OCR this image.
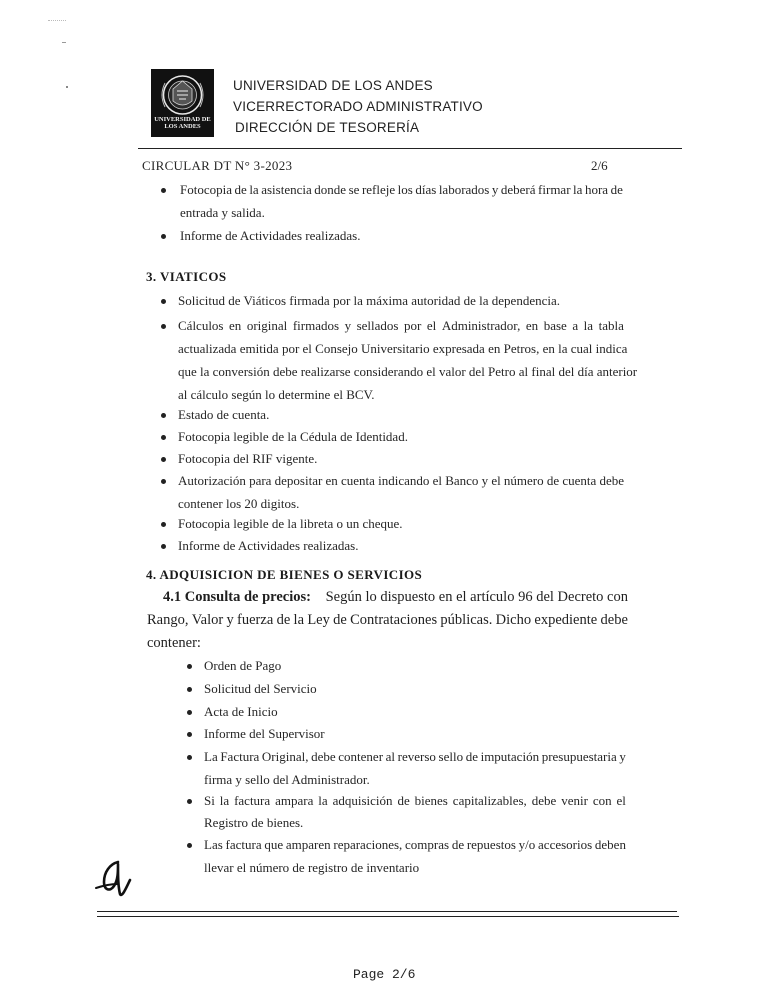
UNIVERSIDAD DE LOS ANDES
UNIVERSIDAD DE LOS ANDES
VICERRECTORADO ADMINISTRATIVO
DIRECCIÓN DE TESORERÍA
CIRCULAR DT N° 3-2023	2/6
Fotocopia de la asistencia donde se refleje los días laborados y deberá firmar la hora de
entrada y salida.
Informe de Actividades realizadas.
3. VIATICOS
Solicitud de Viáticos firmada por la máxima autoridad de la dependencia.
Cálculos en original firmados y sellados por el Administrador, en base a la tabla
actualizada emitida por el Consejo Universitario expresada en Petros, en la cual indica
que la conversión debe realizarse considerando el valor del Petro al final del día anterior
al cálculo según lo determine el BCV.
Estado de cuenta.
Fotocopia legible de la Cédula de Identidad.
Fotocopia del RIF vigente.
Autorización para depositar en cuenta indicando el Banco y el número de cuenta debe
contener los 20 digitos.
Fotocopia legible de la libreta o un cheque.
Informe de Actividades realizadas.
4. ADQUISICION DE BIENES O SERVICIOS
4.1 Consulta de precios: Según lo dispuesto en el artículo 96 del Decreto con
Rango, Valor y fuerza de la Ley de Contrataciones públicas. Dicho expediente debe
contener:
Orden de Pago
Solicitud del Servicio
Acta de Inicio
Informe del Supervisor
La Factura Original, debe contener al reverso sello de imputación presupuestaria y
firma y sello del Administrador.
Si la factura ampara la adquisición de bienes capitalizables, debe venir con el
Registro de bienes.
Las factura que amparen reparaciones, compras de repuestos y/o accesorios deben
llevar el número de registro de inventario
Page 2/6
